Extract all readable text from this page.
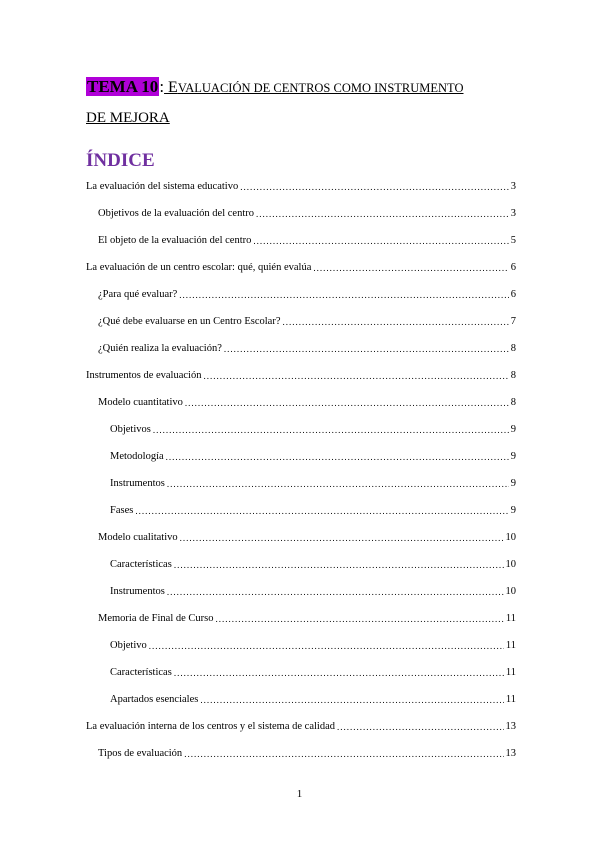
TEMA 10: EVALUACIÓN DE CENTROS COMO INSTRUMENTO
DE MEJORA
ÍNDICE
La evaluación del sistema educativo .....	3
Objetivos de la evaluación del centro .....	3
El objeto de la evaluación del centro .....	5
La evaluación de un centro escolar: qué, quién evalúa .....	6
¿Para qué evaluar? .....	6
¿Qué debe evaluarse en un Centro Escolar? .....	7
¿Quién realiza la evaluación? .....	8
Instrumentos de evaluación .....	8
Modelo cuantitativo .....	8
Objetivos .....	9
Metodología .....	9
Instrumentos .....	9
Fases .....	9
Modelo cualitativo .....	10
Características .....	10
Instrumentos .....	10
Memoria de Final de Curso .....	11
Objetivo .....	11
Características .....	11
Apartados esenciales .....	11
La evaluación interna de los centros y el sistema de calidad .....	13
Tipos de evaluación .....	13
1
